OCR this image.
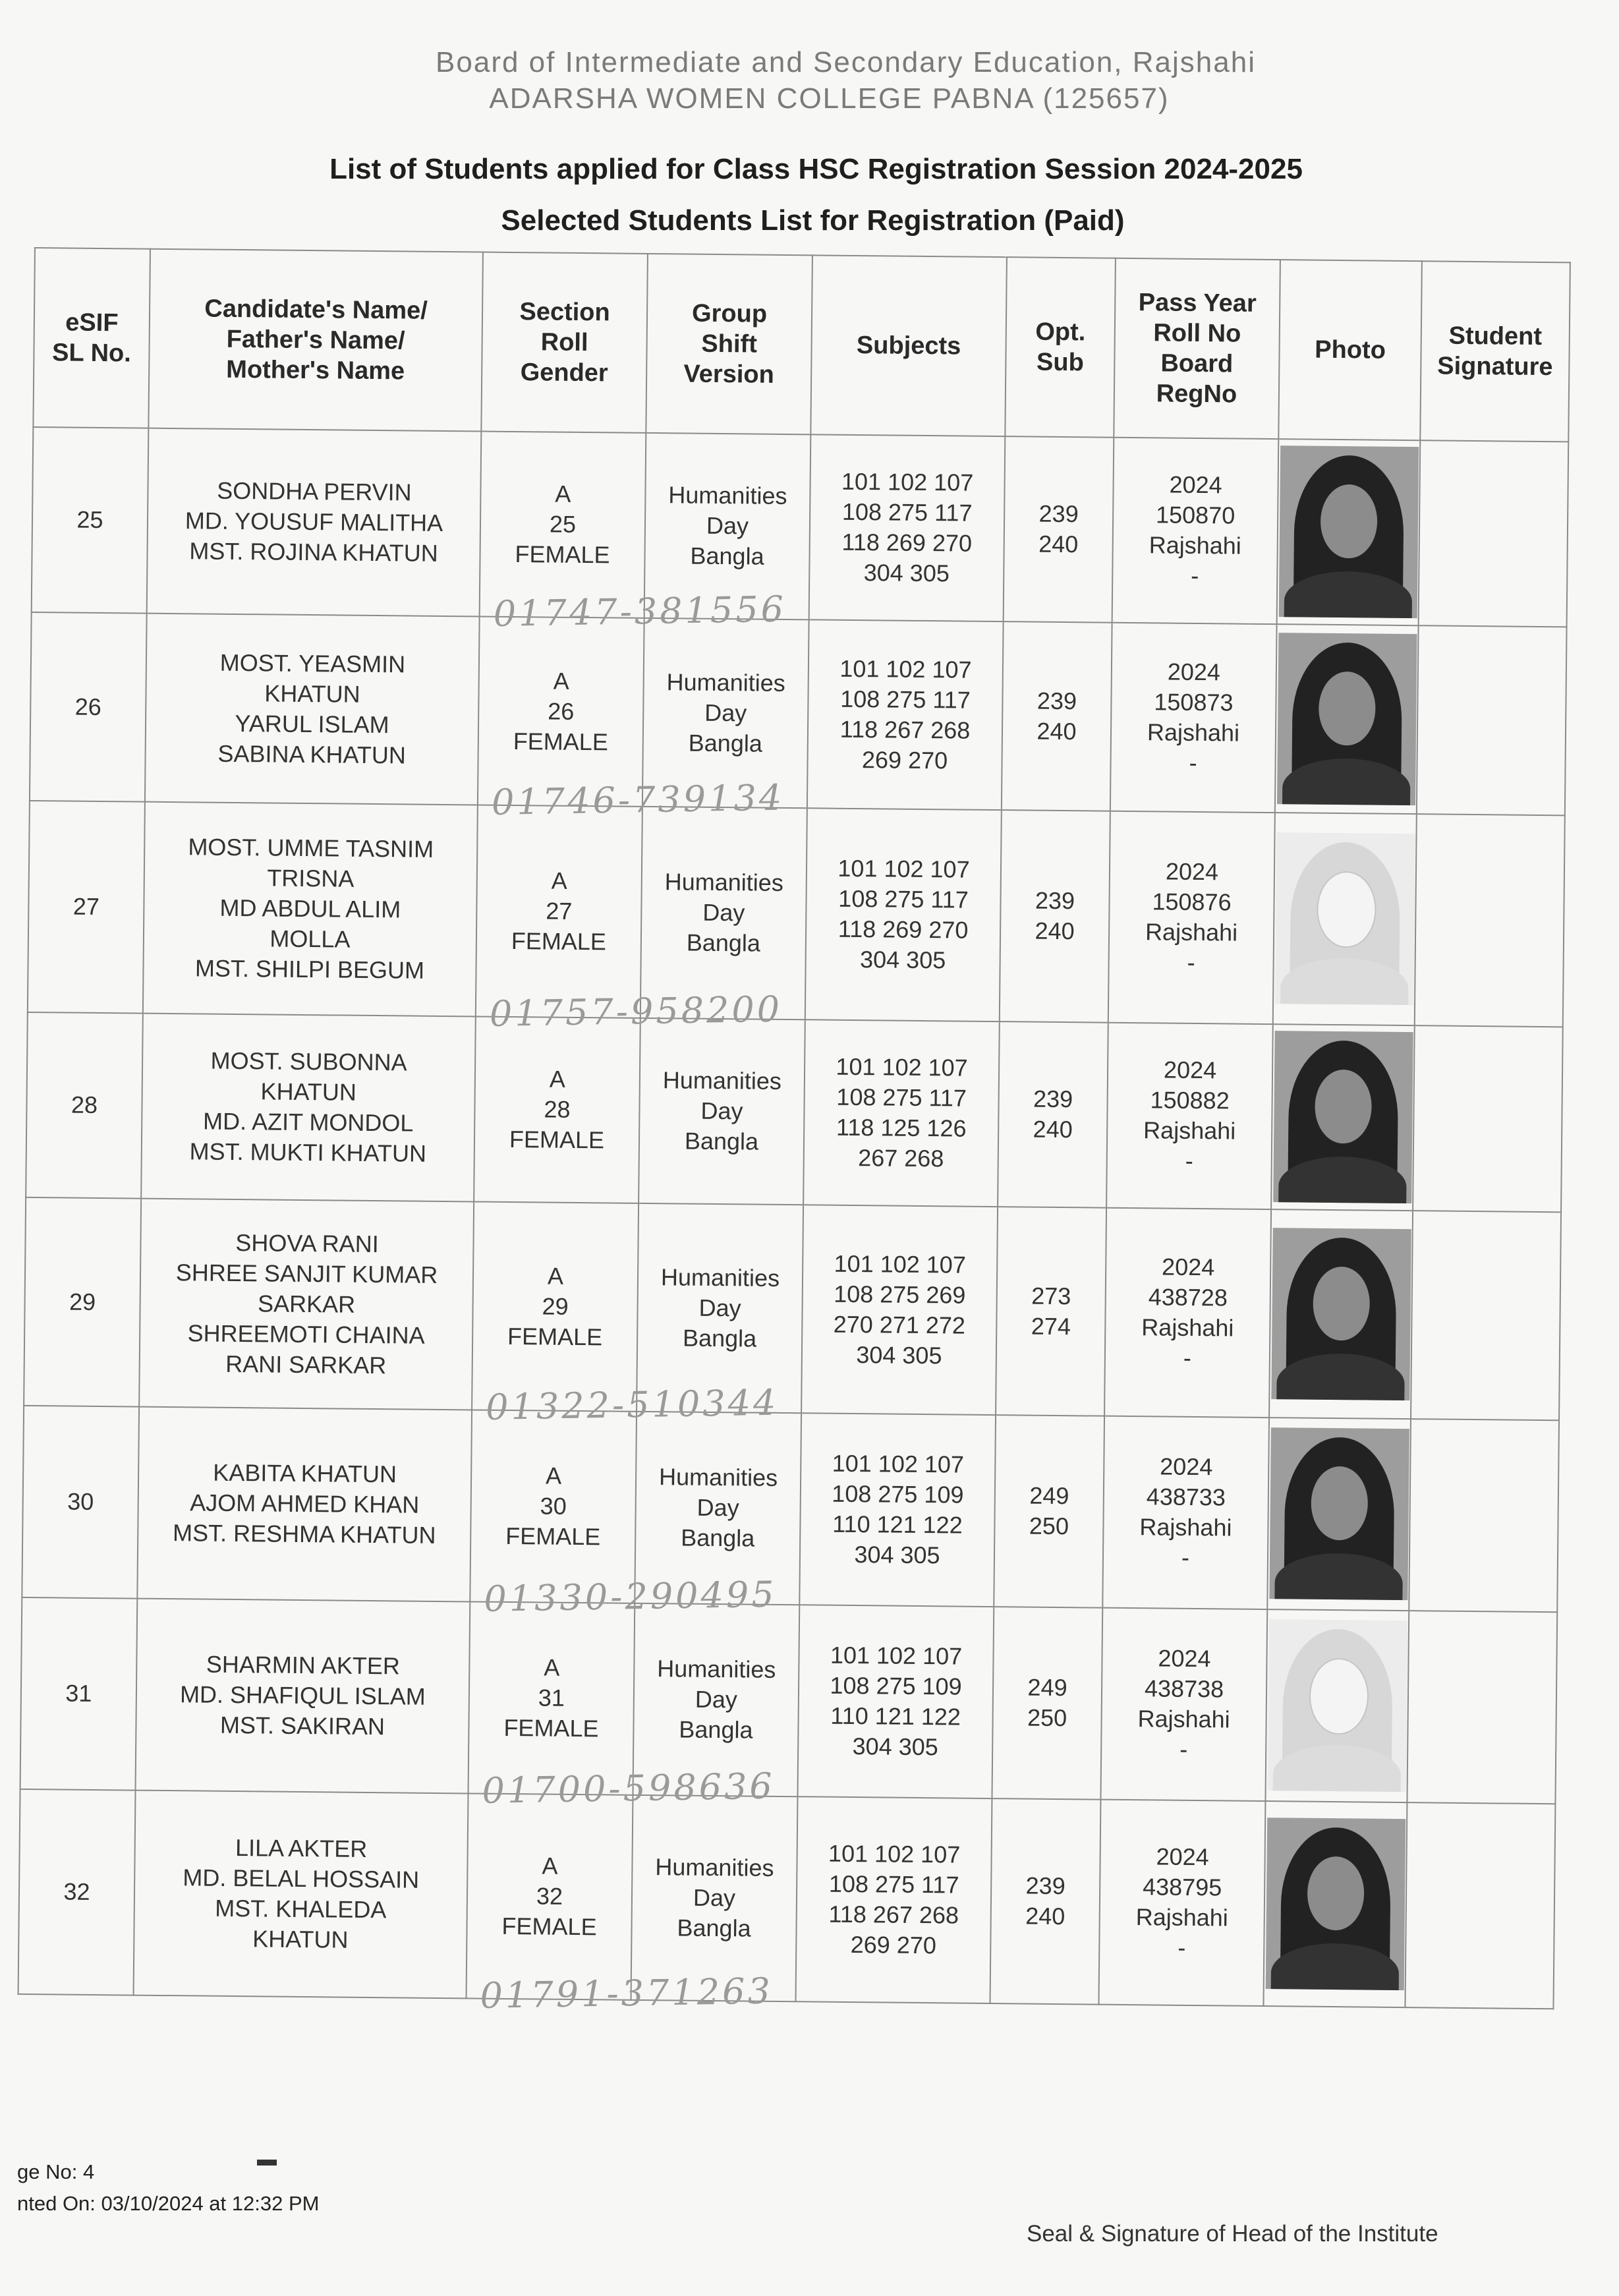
Board of Intermediate and Secondary Education, Rajshahi
ADARSHA WOMEN COLLEGE PABNA (125657)
List of Students applied for Class HSC Registration Session 2024-2025
Selected Students List for Registration (Paid)
eSIF
SL No.	Candidate's Name/
Father's Name/
Mother's Name	Section
Roll
Gender	Group
Shift
Version	Subjects	Opt.
Sub	Pass Year
Roll No
Board
RegNo	Photo	Student
Signature

25	SONDHA PERVIN
MD. YOUSUF MALITHA
MST. ROJINA KHATUN	A
25
FEMALE
01747-381556	Humanities
Day
Bangla	101 102 107
108 275 117
118 269 270
304 305	239
240	2024
150870
Rajshahi
-		

26	MOST. YEASMIN
KHATUN
YARUL ISLAM
SABINA KHATUN	A
26
FEMALE
01746-739134	Humanities
Day
Bangla	101 102 107
108 275 117
118 267 268
269 270	239
240	2024
150873
Rajshahi
-		

27	MOST. UMME TASNIM
TRISNA
MD ABDUL ALIM
MOLLA
MST. SHILPI BEGUM	A
27
FEMALE
01757-958200	Humanities
Day
Bangla	101 102 107
108 275 117
118 269 270
304 305	239
240	2024
150876
Rajshahi
-		

28	MOST. SUBONNA
KHATUN
MD. AZIT MONDOL
MST. MUKTI KHATUN	A
28
FEMALE	Humanities
Day
Bangla	101 102 107
108 275 117
118 125 126
267 268	239
240	2024
150882
Rajshahi
-		

29	SHOVA RANI
SHREE SANJIT KUMAR
SARKAR
SHREEMOTI CHAINA
RANI SARKAR	A
29
FEMALE
01322-510344	Humanities
Day
Bangla	101 102 107
108 275 269
270 271 272
304 305	273
274	2024
438728
Rajshahi
-		

30	KABITA KHATUN
AJOM AHMED KHAN
MST. RESHMA KHATUN	A
30
FEMALE
01330-290495	Humanities
Day
Bangla	101 102 107
108 275 109
110 121 122
304 305	249
250	2024
438733
Rajshahi
-		

31	SHARMIN AKTER
MD. SHAFIQUL ISLAM
MST. SAKIRAN	A
31
FEMALE
01700-598636	Humanities
Day
Bangla	101 102 107
108 275 109
110 121 122
304 305	249
250	2024
438738
Rajshahi
-		

32	LILA AKTER
MD. BELAL HOSSAIN
MST. KHALEDA
KHATUN	A
32
FEMALE
01791-371263	Humanities
Day
Bangla	101 102 107
108 275 117
118 267 268
269 270	239
240	2024
438795
Rajshahi
-		

▬
ge No: 4
nted On: 03/10/2024 at 12:32 PM
Seal & Signature of Head of the Institute
